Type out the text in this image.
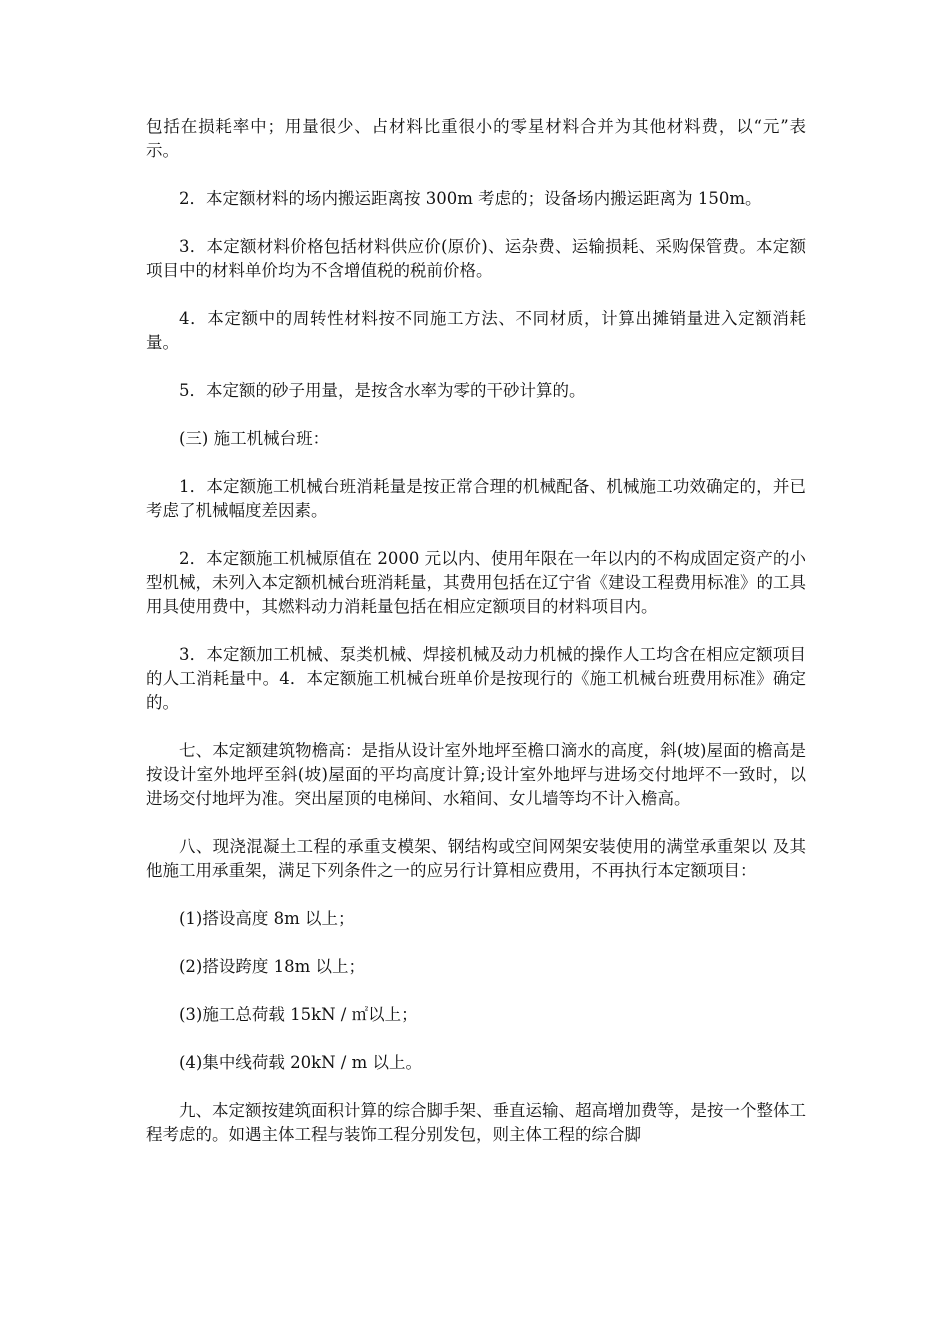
包括在损耗率中；用量很少、占材料比重很小的零星材料合并为其他材料费，以“元”表示。

2．本定额材料的场内搬运距离按 300m 考虑的；设备场内搬运距离为 150m。

3．本定额材料价格包括材料供应价(原价)、运杂费、运输损耗、采购保管费。本定额项目中的材料单价均为不含增值税的税前价格。

4．本定额中的周转性材料按不同施工方法、不同材质，计算出摊销量进入定额消耗量。

5．本定额的砂子用量，是按含水率为零的干砂计算的。

(三) 施工机械台班：

1．本定额施工机械台班消耗量是按正常合理的机械配备、机械施工功效确定的，并已考虑了机械幅度差因素。

2．本定额施工机械原值在 2000 元以内、使用年限在一年以内的不构成固定资产的小型机械，未列入本定额机械台班消耗量，其费用包括在辽宁省《建设工程费用标准》的工具用具使用费中，其燃料动力消耗量包括在相应定额项目的材料项目内。

3．本定额加工机械、泵类机械、焊接机械及动力机械的操作人工均含在相应定额项目的人工消耗量中。4．本定额施工机械台班单价是按现行的《施工机械台班费用标准》确定的。

七、本定额建筑物檐高：是指从设计室外地坪至檐口滴水的高度，斜(坡)屋面的檐高是按设计室外地坪至斜(坡)屋面的平均高度计算;设计室外地坪与进场交付地坪不一致时，以进场交付地坪为准。突出屋顶的电梯间、水箱间、女儿墙等均不计入檐高。

八、现浇混凝土工程的承重支模架、钢结构或空间网架安装使用的满堂承重架以 及其他施工用承重架，满足下列条件之一的应另行计算相应费用，不再执行本定额项目：

(1)搭设高度 8m 以上；

(2)搭设跨度 18m 以上；

(3)施工总荷载 15kN / ㎡以上；

(4)集中线荷载 20kN / m 以上。

九、本定额按建筑面积计算的综合脚手架、垂直运输、超高增加费等，是按一个整体工程考虑的。如遇主体工程与装饰工程分别发包，则主体工程的综合脚
